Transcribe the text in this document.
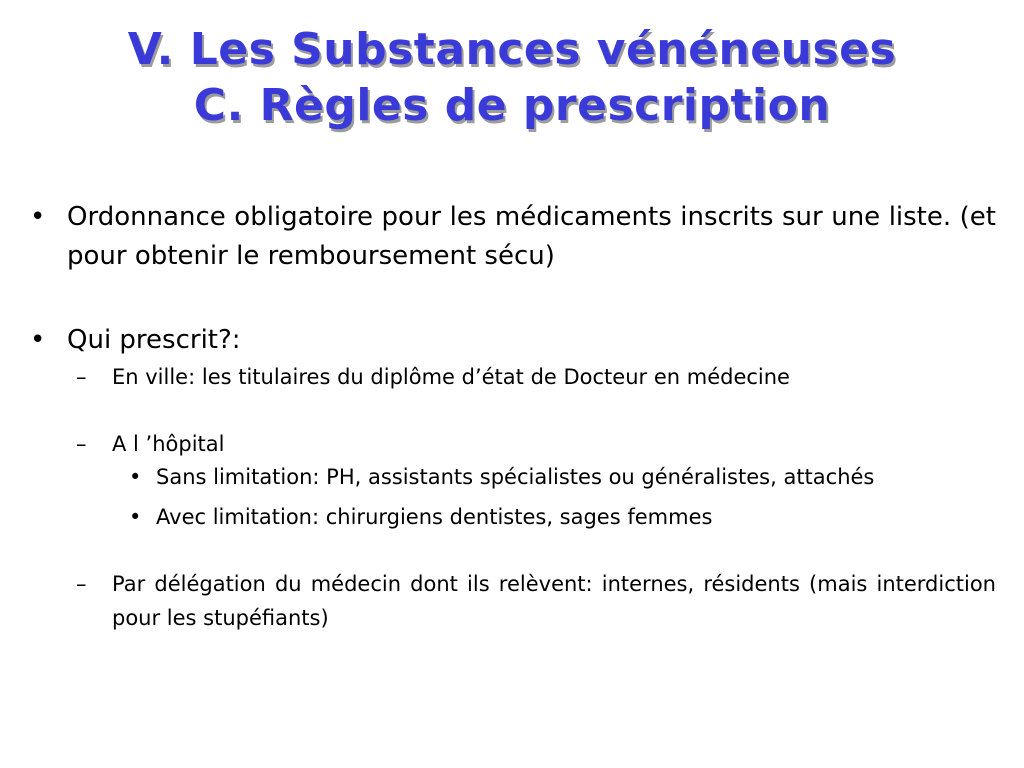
V. Les Substances vénéneuses
C. Règles de prescription
• Ordonnance obligatoire pour les médicaments inscrits sur une liste. (et pour obtenir le remboursement sécu)
• Qui prescrit?:
– En ville: les titulaires du diplôme d’état de Docteur en médecine
– A l ’hôpital
• Sans limitation: PH, assistants spécialistes ou généralistes, attachés
• Avec limitation: chirurgiens dentistes, sages femmes
– Par délégation du médecin dont ils relèvent: internes, résidents (mais interdiction pour les stupéfiants)
